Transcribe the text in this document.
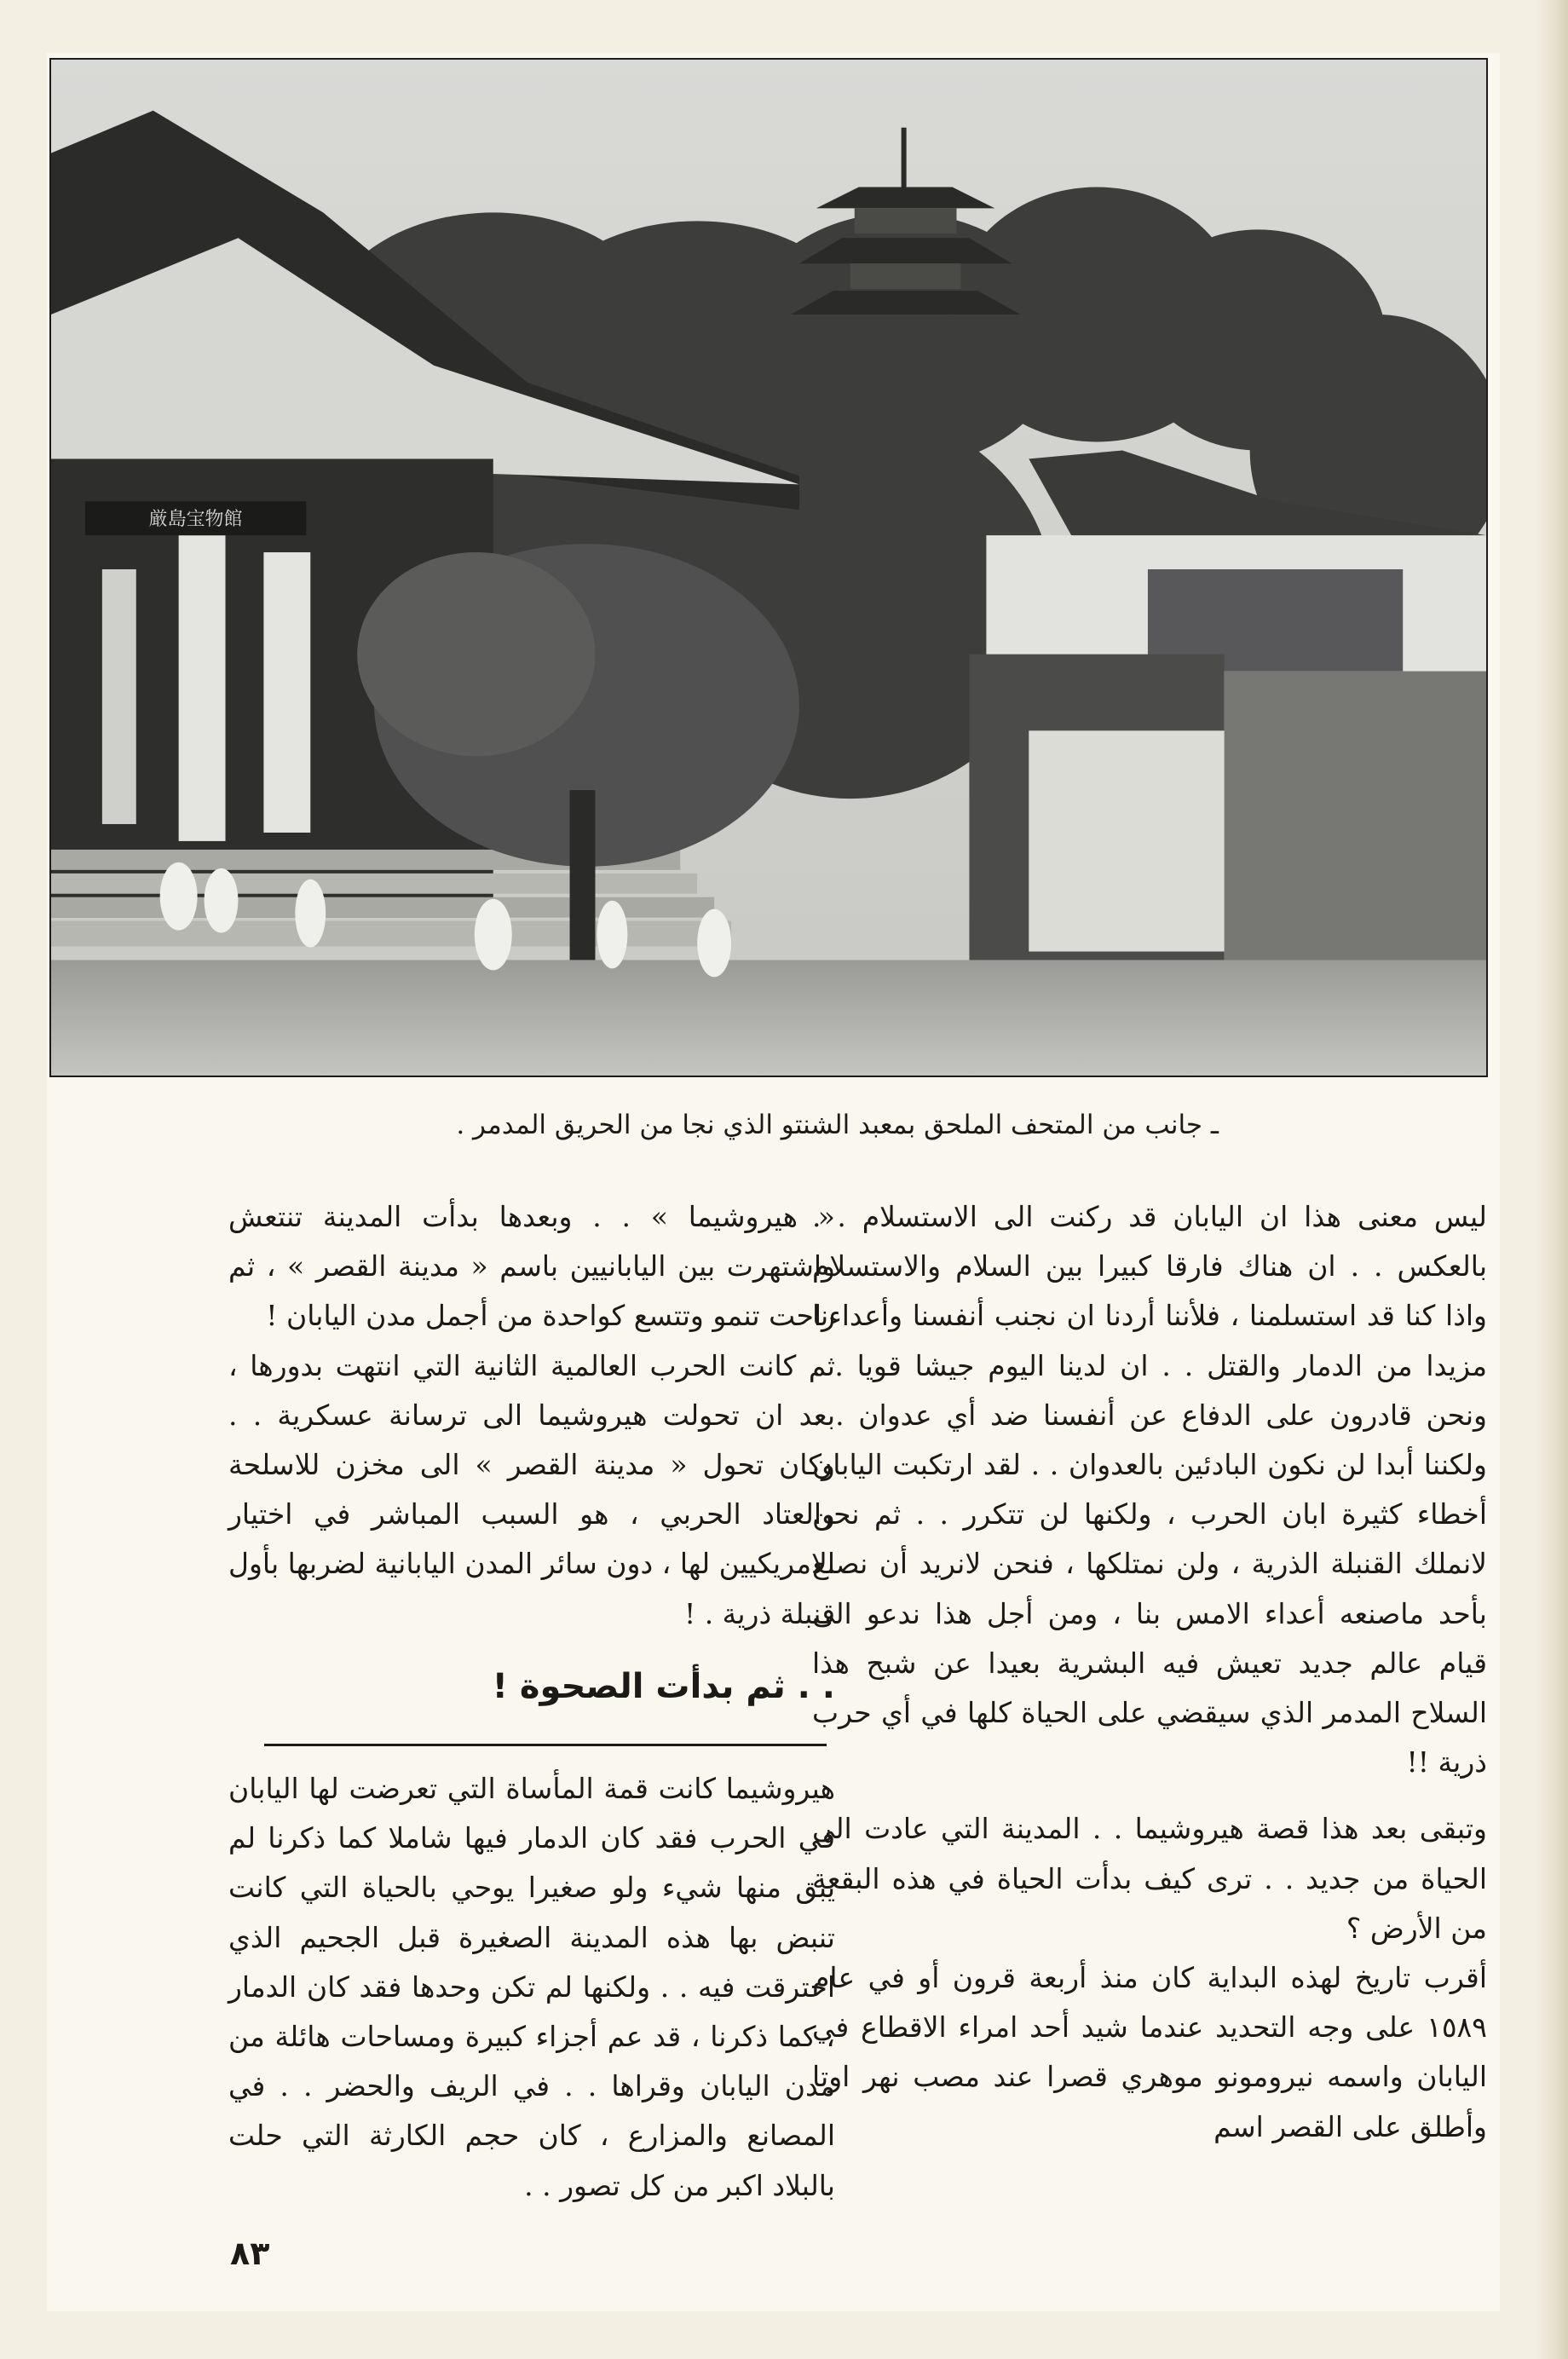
厳島宝物館
ـ جانب من المتحف الملحق بمعبد الشنتو الذي نجا من الحريق المدمر .

ليس معنى هذا ان اليابان قد ركنت الى الاستسلام . . بالعكس . . ان هناك فارقا كبيرا بين السلام والاستسلام واذا كنا قد استسلمنا ، فلأننا أردنا ان نجنب أنفسنا وأعداءنا مزيدا من الدمار والقتل . . ان لدينا اليوم جيشا قويا . . ونحن قادرون على الدفاع عن أنفسنا ضد أي عدوان . . ولكننا أبدا لن نكون البادئين بالعدوان . . لقد ارتكبت اليابان أخطاء كثيرة ابان الحرب ، ولكنها لن تتكرر . . ثم نحن لانملك القنبلة الذرية ، ولن نمتلكها ، فنحن لانريد أن نصنع بأحد ماصنعه أعداء الامس بنا ، ومن أجل هذا ندعو الى قيام عالم جديد تعيش فيه البشرية بعيدا عن شبح هذا السلاح المدمر الذي سيقضي على الحياة كلها في أي حرب ذرية !!

وتبقى بعد هذا قصة هيروشيما . . المدينة التي عادت الى الحياة من جديد . . ترى كيف بدأت الحياة في هذه البقعة من الأرض ؟

أقرب تاريخ لهذه البداية كان منذ أربعة قرون أو في عام ١٥٨٩ على وجه التحديد عندما شيد أحد امراء الاقطاع في اليابان واسمه نيرومونو موهري قصرا عند مصب نهر اوتا وأطلق على القصر اسم

« هيروشيما » . . وبعدها بدأت المدينة تنتعش واشتهرت بين اليابانيين باسم « مدينة القصر » ، ثم راحت تنمو وتتسع كواحدة من أجمل مدن اليابان !

ثم كانت الحرب العالمية الثانية التي انتهت بدورها ، بعد ان تحولت هيروشيما الى ترسانة عسكرية . . وكان تحول « مدينة القصر » الى مخزن للاسلحة والعتاد الحربي ، هو السبب المباشر في اختيار الامريكيين لها ، دون سائر المدن اليابانية لضربها بأول قنبلة ذرية . !

. . ثم بدأت الصحوة !

هيروشيما كانت قمة المأساة التي تعرضت لها اليابان في الحرب فقد كان الدمار فيها شاملا كما ذكرنا لم يبق منها شيء ولو صغيرا يوحي بالحياة التي كانت تنبض بها هذه المدينة الصغيرة قبل الجحيم الذي احترقت فيه . . ولكنها لم تكن وحدها فقد كان الدمار ، كما ذكرنا ، قد عم أجزاء كبيرة ومساحات هائلة من مدن اليابان وقراها . . في الريف والحضر . . في المصانع والمزارع ، كان حجم الكارثة التي حلت بالبلاد اكبر من كل تصور . .

٨٣
